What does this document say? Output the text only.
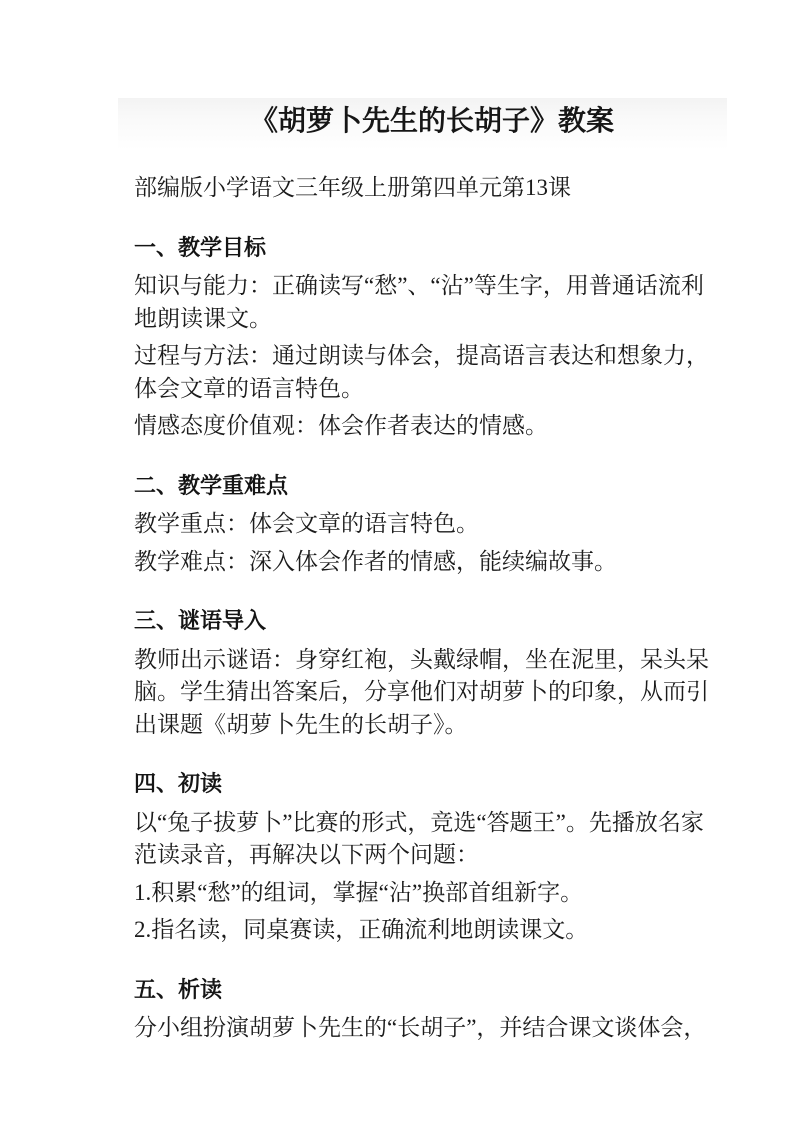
《胡萝卜先生的长胡子》教案

部编版小学语文三年级上册第四单元第13课

一、教学目标

知识与能力：正确读写“愁”、“沾”等生字，用普通话流利地朗读课文。

过程与方法：通过朗读与体会，提高语言表达和想象力，体会文章的语言特色。

情感态度价值观：体会作者表达的情感。

二、教学重难点

教学重点：体会文章的语言特色。

教学难点：深入体会作者的情感，能续编故事。

三、谜语导入

教师出示谜语：身穿红袍，头戴绿帽，坐在泥里，呆头呆脑。学生猜出答案后，分享他们对胡萝卜的印象，从而引出课题《胡萝卜先生的长胡子》。

四、初读

以“兔子拔萝卜”比赛的形式，竞选“答题王”。先播放名家范读录音，再解决以下两个问题：

1.积累“愁”的组词，掌握“沾”换部首组新字。

2.指名读，同桌赛读，正确流利地朗读课文。

五、析读

分小组扮演胡萝卜先生的“长胡子”，并结合课文谈体会，
